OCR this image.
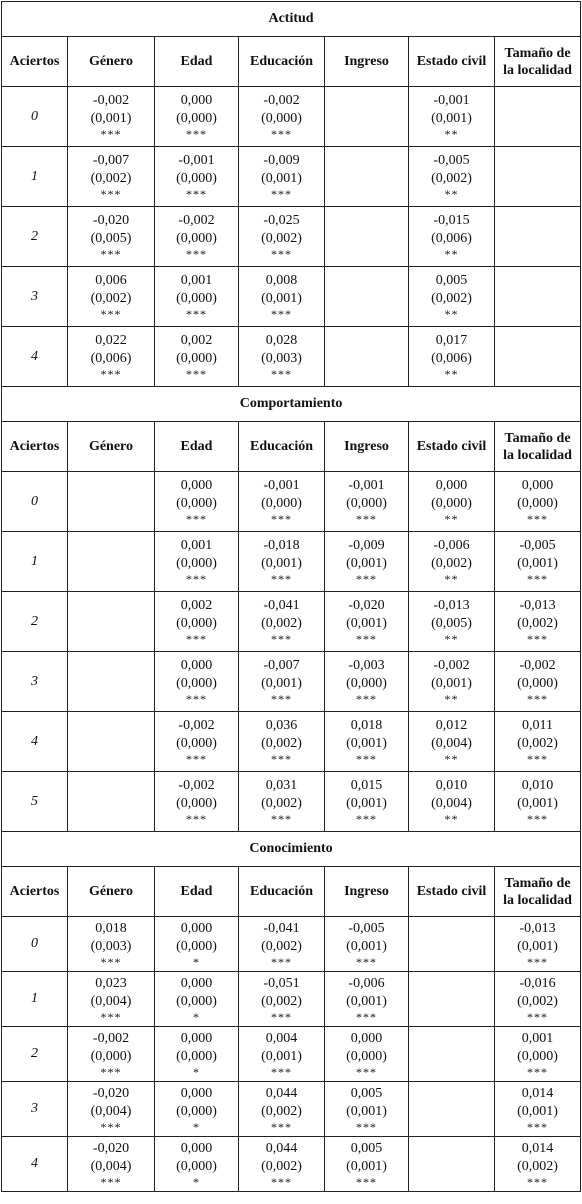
Actitud						
Aciertos	Género	Edad	Educación	Ingreso	Estado civil	Tamaño de
la localidad

0	-0,002
(0,001)
***	0,000
(0,000)
***	-0,002
(0,000)
***		-0,001
(0,001)
**	

1	-0,007
(0,002)
***	-0,001
(0,000)
***	-0,009
(0,001)
***		-0,005
(0,002)
**	

2	-0,020
(0,005)
***	-0,002
(0,000)
***	-0,025
(0,002)
***		-0,015
(0,006)
**	

3	0,006
(0,002)
***	0,001
(0,000)
***	0,008
(0,001)
***		0,005
(0,002)
**	

4	0,022
(0,006)
***	0,002
(0,000)
***	0,028
(0,003)
***		0,017
(0,006)
**	

Comportamiento						
Aciertos	Género	Edad	Educación	Ingreso	Estado civil	Tamaño de
la localidad

0		0,000
(0,000)
***	-0,001
(0,000)
***	-0,001
(0,000)
***	0,000
(0,000)
**	0,000
(0,000)
***

1		0,001
(0,000)
***	-0,018
(0,001)
***	-0,009
(0,001)
***	-0,006
(0,002)
**	-0,005
(0,001)
***

2		0,002
(0,000)
***	-0,041
(0,002)
***	-0,020
(0,001)
***	-0,013
(0,005)
**	-0,013
(0,002)
***

3		0,000
(0,000)
***	-0,007
(0,001)
***	-0,003
(0,000)
***	-0,002
(0,001)
**	-0,002
(0,000)
***

4		-0,002
(0,000)
***	0,036
(0,002)
***	0,018
(0,001)
***	0,012
(0,004)
**	0,011
(0,002)
***

5		-0,002
(0,000)
***	0,031
(0,002)
***	0,015
(0,001)
***	0,010
(0,004)
**	0,010
(0,001)
***

Conocimiento						
Aciertos	Género	Edad	Educación	Ingreso	Estado civil	Tamaño de
la localidad

0	0,018
(0,003)
***	0,000
(0,000)
*	-0,041
(0,002)
***	-0,005
(0,001)
***		-0,013
(0,001)
***

1	0,023
(0,004)
***	0,000
(0,000)
*	-0,051
(0,002)
***	-0,006
(0,001)
***		-0,016
(0,002)
***

2	-0,002
(0,000)
***	0,000
(0,000)
*	0,004
(0,001)
***	0,000
(0,000)
***		0,001
(0,000)
***

3	-0,020
(0,004)
***	0,000
(0,000)
*	0,044
(0,002)
***	0,005
(0,001)
***		0,014
(0,001)
***

4	-0,020
(0,004)
***	0,000
(0,000)
*	0,044
(0,002)
***	0,005
(0,001)
***		0,014
(0,002)
***
